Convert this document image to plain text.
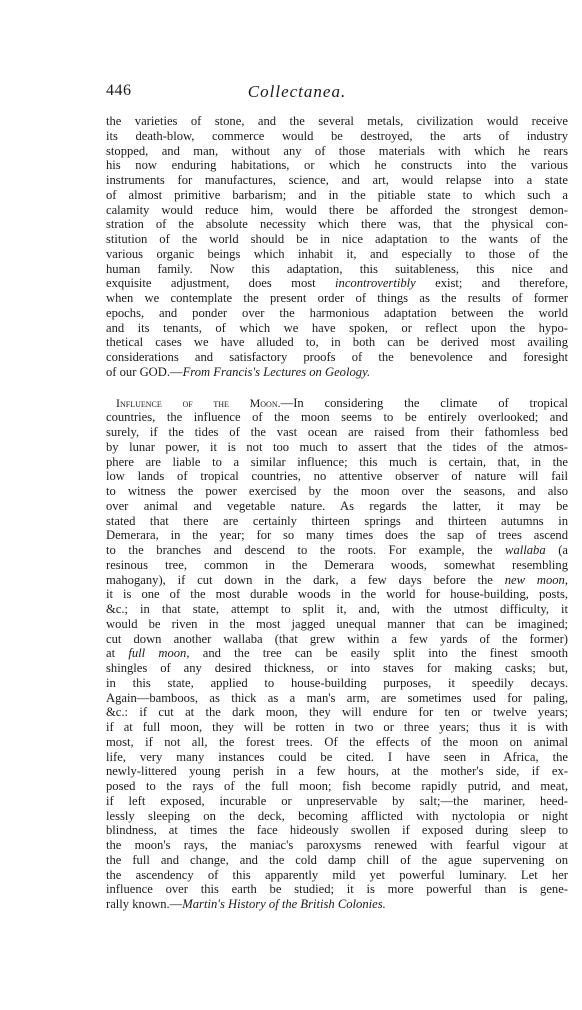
446	Collectanea.
the varieties of stone, and the several metals, civilization would receive
its death-blow, commerce would be destroyed, the arts of industry
stopped, and man, without any of those materials with which he rears
his now enduring habitations, or which he constructs into the various
instruments for manufactures, science, and art, would relapse into a state
of almost primitive barbarism; and in the pitiable state to which such a
calamity would reduce him, would there be afforded the strongest demon-
stration of the absolute necessity which there was, that the physical con-
stitution of the world should be in nice adaptation to the wants of the
various organic beings which inhabit it, and especially to those of the
human family. Now this adaptation, this suitableness, this nice and
exquisite adjustment, does most incontrovertibly exist; and therefore,
when we contemplate the present order of things as the results of former
epochs, and ponder over the harmonious adaptation between the world
and its tenants, of which we have spoken, or reflect upon the hypo-
thetical cases we have alluded to, in both can be derived most availing
considerations and satisfactory proofs of the benevolence and foresight
of our GOD.—From Francis's Lectures on Geology.
Influence of the Moon.—In considering the climate of tropical
countries, the influence of the moon seems to be entirely overlooked; and
surely, if the tides of the vast ocean are raised from their fathomless bed
by lunar power, it is not too much to assert that the tides of the atmos-
phere are liable to a similar influence; this much is certain, that, in the
low lands of tropical countries, no attentive observer of nature will fail
to witness the power exercised by the moon over the seasons, and also
over animal and vegetable nature. As regards the latter, it may be
stated that there are certainly thirteen springs and thirteen autumns in
Demerara, in the year; for so many times does the sap of trees ascend
to the branches and descend to the roots. For example, the wallaba (a
resinous tree, common in the Demerara woods, somewhat resembling
mahogany), if cut down in the dark, a few days before the new moon,
it is one of the most durable woods in the world for house-building, posts,
&c.; in that state, attempt to split it, and, with the utmost difficulty, it
would be riven in the most jagged unequal manner that can be imagined;
cut down another wallaba (that grew within a few yards of the former)
at full moon, and the tree can be easily split into the finest smooth
shingles of any desired thickness, or into staves for making casks; but,
in this state, applied to house-building purposes, it speedily decays.
Again—bamboos, as thick as a man's arm, are sometimes used for paling,
&c.: if cut at the dark moon, they will endure for ten or twelve years;
if at full moon, they will be rotten in two or three years; thus it is with
most, if not all, the forest trees. Of the effects of the moon on animal
life, very many instances could be cited. I have seen in Africa, the
newly-littered young perish in a few hours, at the mother's side, if ex-
posed to the rays of the full moon; fish become rapidly putrid, and meat,
if left exposed, incurable or unpreservable by salt;—the mariner, heed-
lessly sleeping on the deck, becoming afflicted with nyctolopia or night
blindness, at times the face hideously swollen if exposed during sleep to
the moon's rays, the maniac's paroxysms renewed with fearful vigour at
the full and change, and the cold damp chill of the ague supervening on
the ascendency of this apparently mild yet powerful luminary. Let her
influence over this earth be studied; it is more powerful than is gene-
rally known.—Martin's History of the British Colonies.
